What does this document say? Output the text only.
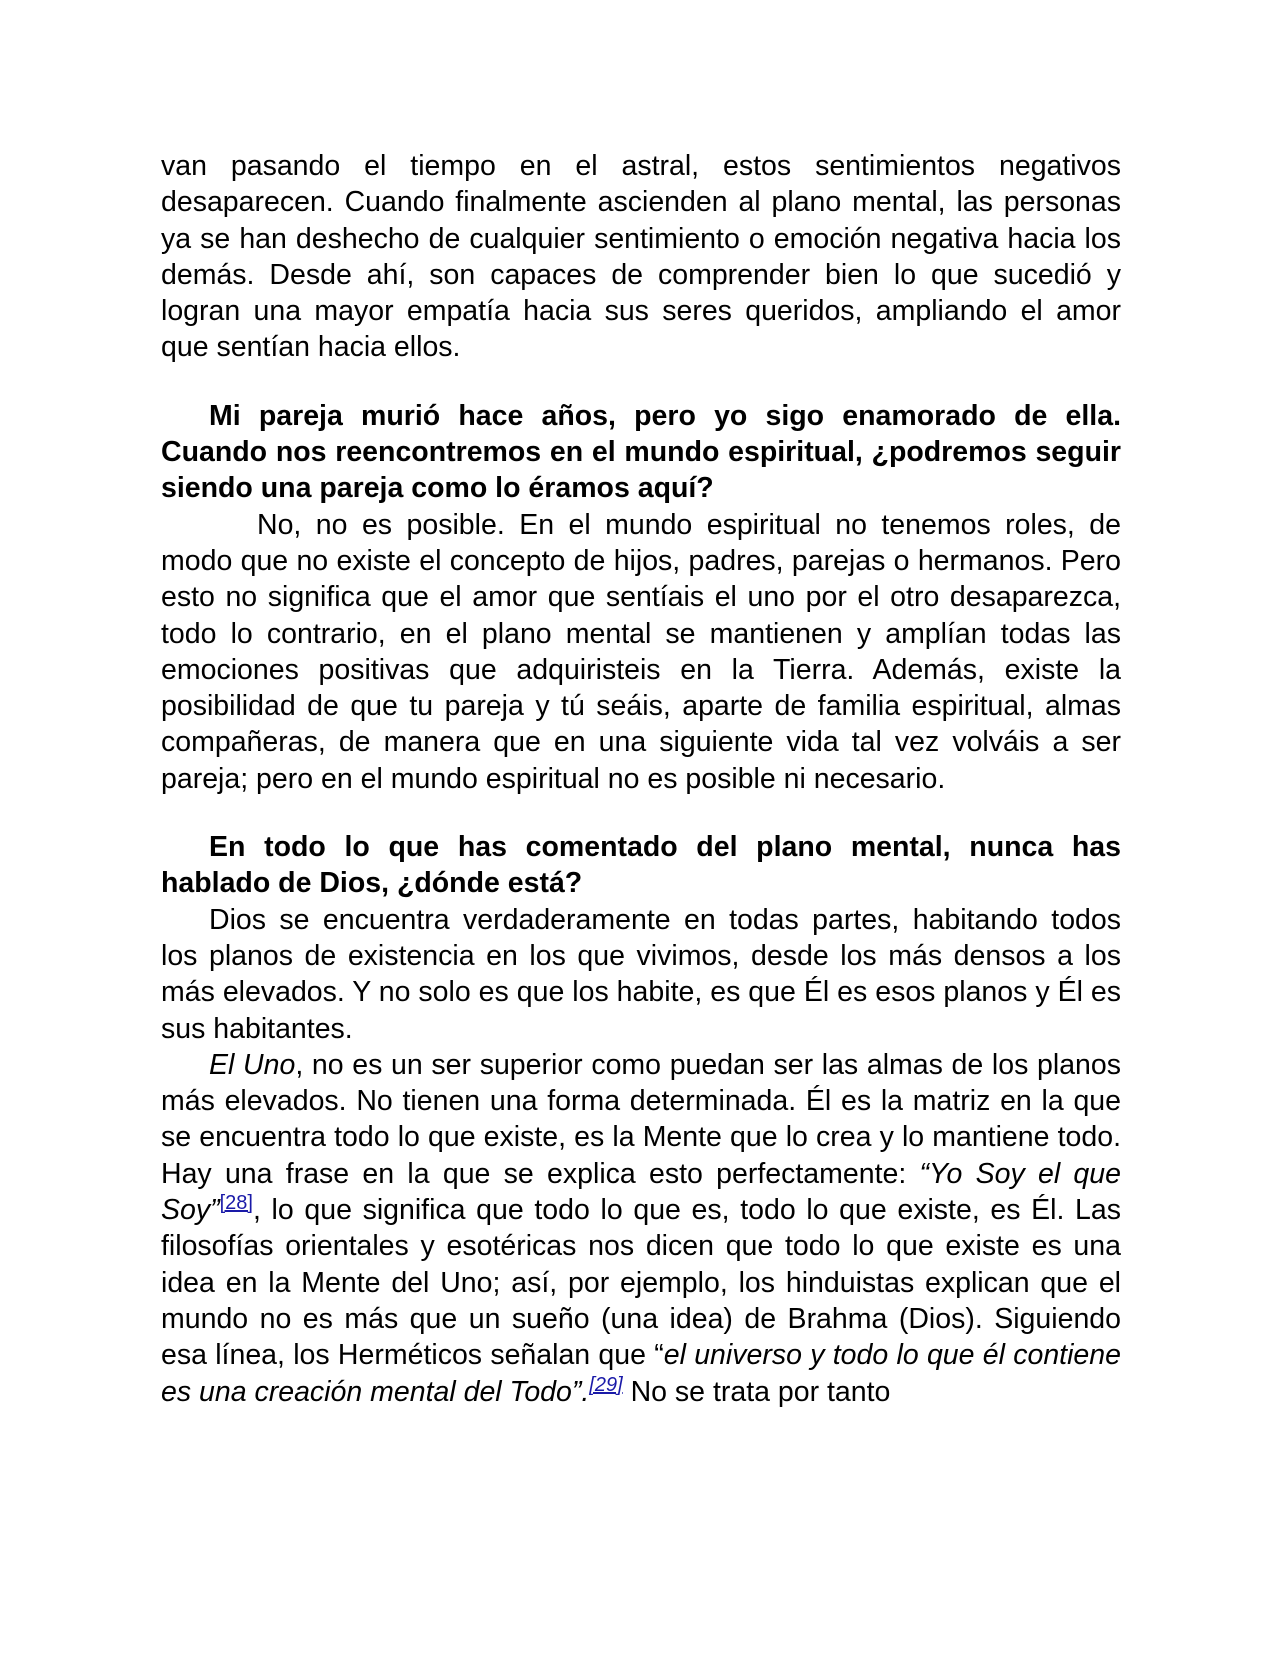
van pasando el tiempo en el astral, estos sentimientos negativos desaparecen. Cuando finalmente ascienden al plano mental, las personas ya se han deshecho de cualquier sentimiento o emoción negativa hacia los demás. Desde ahí, son capaces de comprender bien lo que sucedió y logran una mayor empatía hacia sus seres queridos, ampliando el amor que sentían hacia ellos.

Mi pareja murió hace años, pero yo sigo enamorado de ella. Cuando nos reencontremos en el mundo espiritual, ¿podremos seguir siendo una pareja como lo éramos aquí?

No, no es posible. En el mundo espiritual no tenemos roles, de modo que no existe el concepto de hijos, padres, parejas o hermanos. Pero esto no significa que el amor que sentíais el uno por el otro desaparezca, todo lo contrario, en el plano mental se mantienen y amplían todas las emociones positivas que adquiristeis en la Tierra. Además, existe la posibilidad de que tu pareja y tú seáis, aparte de familia espiritual, almas compañeras, de manera que en una siguiente vida tal vez volváis a ser pareja; pero en el mundo espiritual no es posible ni necesario.

En todo lo que has comentado del plano mental, nunca has hablado de Dios, ¿dónde está?

Dios se encuentra verdaderamente en todas partes, habitando todos los planos de existencia en los que vivimos, desde los más densos a los más elevados. Y no solo es que los habite, es que Él es esos planos y Él es sus habitantes.

El Uno, no es un ser superior como puedan ser las almas de los planos más elevados. No tienen una forma determinada. Él es la matriz en la que se encuentra todo lo que existe, es la Mente que lo crea y lo mantiene todo. Hay una frase en la que se explica esto perfectamente: “Yo Soy el que Soy”[28], lo que significa que todo lo que es, todo lo que existe, es Él. Las filosofías orientales y esotéricas nos dicen que todo lo que existe es una idea en la Mente del Uno; así, por ejemplo, los hinduistas explican que el mundo no es más que un sueño (una idea) de Brahma (Dios). Siguiendo esa línea, los Herméticos señalan que “el universo y todo lo que él contiene es una creación mental del Todo”.[29] No se trata por tanto
